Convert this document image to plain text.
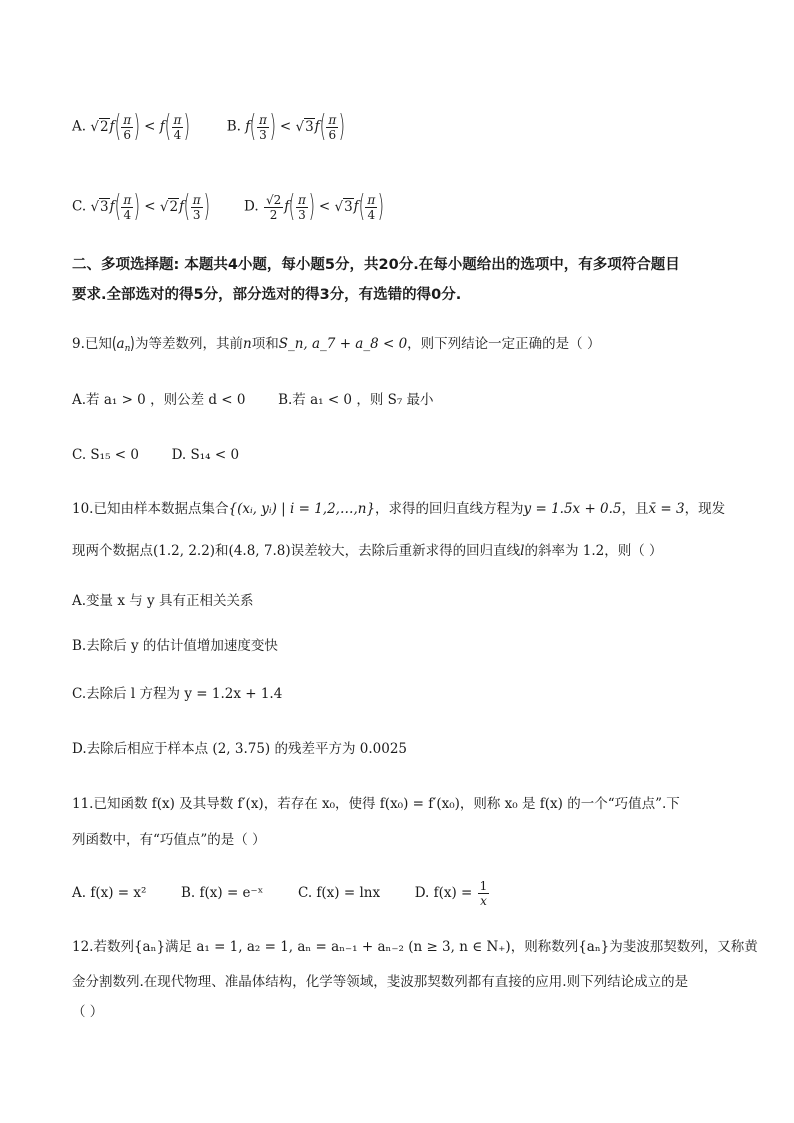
A. $√2f( \frac{\pi}{6}$ ) < $f( \frac{\pi}{4}$ )	B. $f( \frac{\pi}{3}$ ) < $√3f( \frac{\pi}{6}$ )
C. $√3f( \frac{\pi}{4}$ ) < $√2f( \frac{\pi}{3}$ )	D. $\frac{√2}{2} f( \frac{\pi}{3}$ ) < $√3f( \frac{\pi}{4}$ )
二、多项选择题: 本题共4小题，每小题5分，共20分.在每小题给出的选项中，有多项符合题目
要求.全部选对的得5分，部分选对的得3分，有选错的得0分.
9.已知$(a_n)$为等差数列，其前n项和S_n, a_7 + a_8 < 0，则下列结论一定正确的是（ ）
A.若 a₁ > 0 ，则公差 d < 0 B.若 a₁ < 0 ，则 S₇ 最小
C. S₁₅ < 0 D. S₁₄ < 0
10.已知由样本数据点集合{(xᵢ, yᵢ) | i = 1,2,…,n}，求得的回归直线方程为y = 1.5x + 0.5，且x̄ = 3，现发
现两个数据点(1.2, 2.2)和(4.8, 7.8)误差较大，去除后重新求得的回归直线l的斜率为 1.2，则（ ）
A.变量 x 与 y 具有正相关关系
B.去除后 y 的估计值增加速度变快
C.去除后 l 方程为 y = 1.2x + 1.4
D.去除后相应于样本点 (2, 3.75) 的残差平方为 0.0025
11.已知函数 f(x) 及其导数 f′(x)，若存在 x₀，使得 f(x₀) = f′(x₀)，则称 x₀ 是 f(x) 的一个“巧值点”.下
列函数中，有“巧值点”的是（ ）
A. f(x) = x²	B. f(x) = e⁻ˣ	C. f(x) = lnx	D. $f(x) = \frac{1}{x}$
12.若数列{aₙ}满足 a₁ = 1, a₂ = 1, aₙ = aₙ₋₁ + aₙ₋₂ (n ≥ 3, n ∈ N₊)，则称数列{aₙ}为斐波那契数列，又称黄
金分割数列.在现代物理、准晶体结构，化学等领域，斐波那契数列都有直接的应用.则下列结论成立的是
（ ）
